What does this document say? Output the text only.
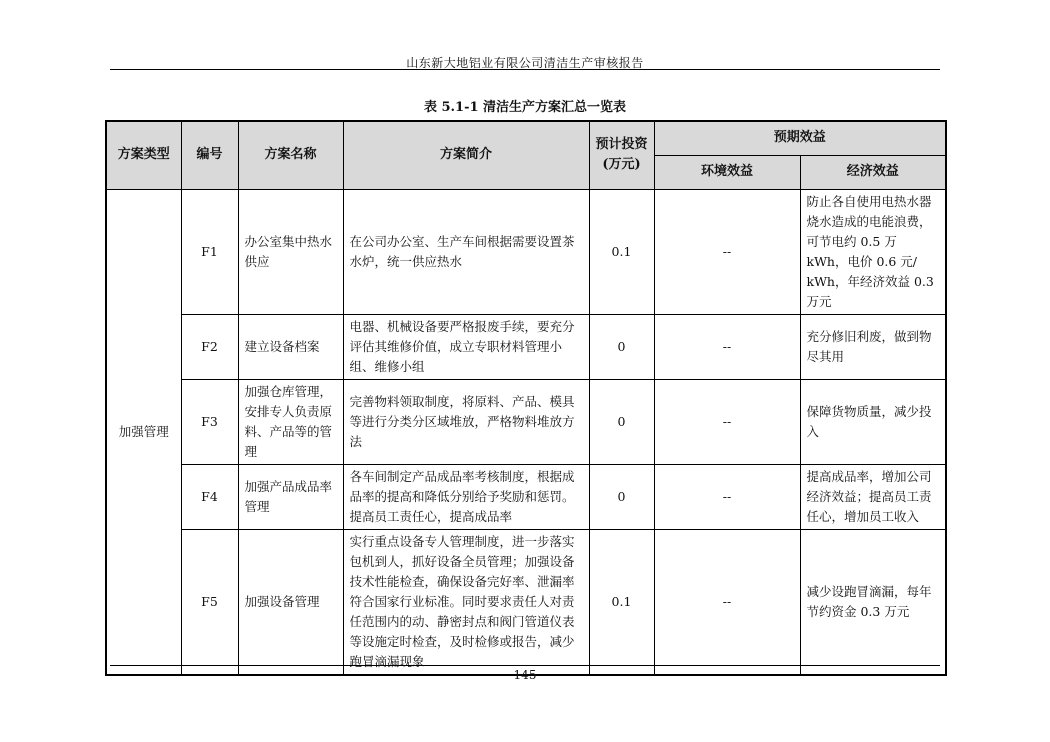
山东新大地铝业有限公司清洁生产审核报告
表 5.1-1 清洁生产方案汇总一览表
方案类型	编号	方案名称	方案简介	预计投资(万元)	预期效益	
					环境效益	经济效益
加强管理	F1	办公室集中热水供应	在公司办公室、生产车间根据需要设置茶水炉，统一供应热水	0.1	--	防止各自使用电热水器烧水造成的电能浪费，可节电约 0.5 万 kWh，电价 0.6 元/ kWh，年经济效益 0.3 万元
	F2	建立设备档案	电器、机械设备要严格报废手续，要充分评估其维修价值，成立专职材料管理小组、维修小组	0	--	充分修旧利废，做到物尽其用
	F3	加强仓库管理，安排专人负责原料、产品等的管理	完善物料领取制度，将原料、产品、模具等进行分类分区域堆放，严格物料堆放方法	0	--	保障货物质量，减少投入
	F4	加强产品成品率管理	各车间制定产品成品率考核制度，根据成品率的提高和降低分别给予奖励和惩罚。提高员工责任心，提高成品率	0	--	提高成品率，增加公司经济效益；提高员工责任心，增加员工收入
	F5	加强设备管理	实行重点设备专人管理制度，进一步落实包机到人，抓好设备全员管理；加强设备技术性能检查，确保设备完好率、泄漏率符合国家行业标准。同时要求责任人对责任范围内的动、静密封点和阀门管道仪表等设施定时检查，及时检修或报告，减少跑冒滴漏现象	0.1	--	减少设跑冒滴漏，每年节约资金 0.3 万元
145
